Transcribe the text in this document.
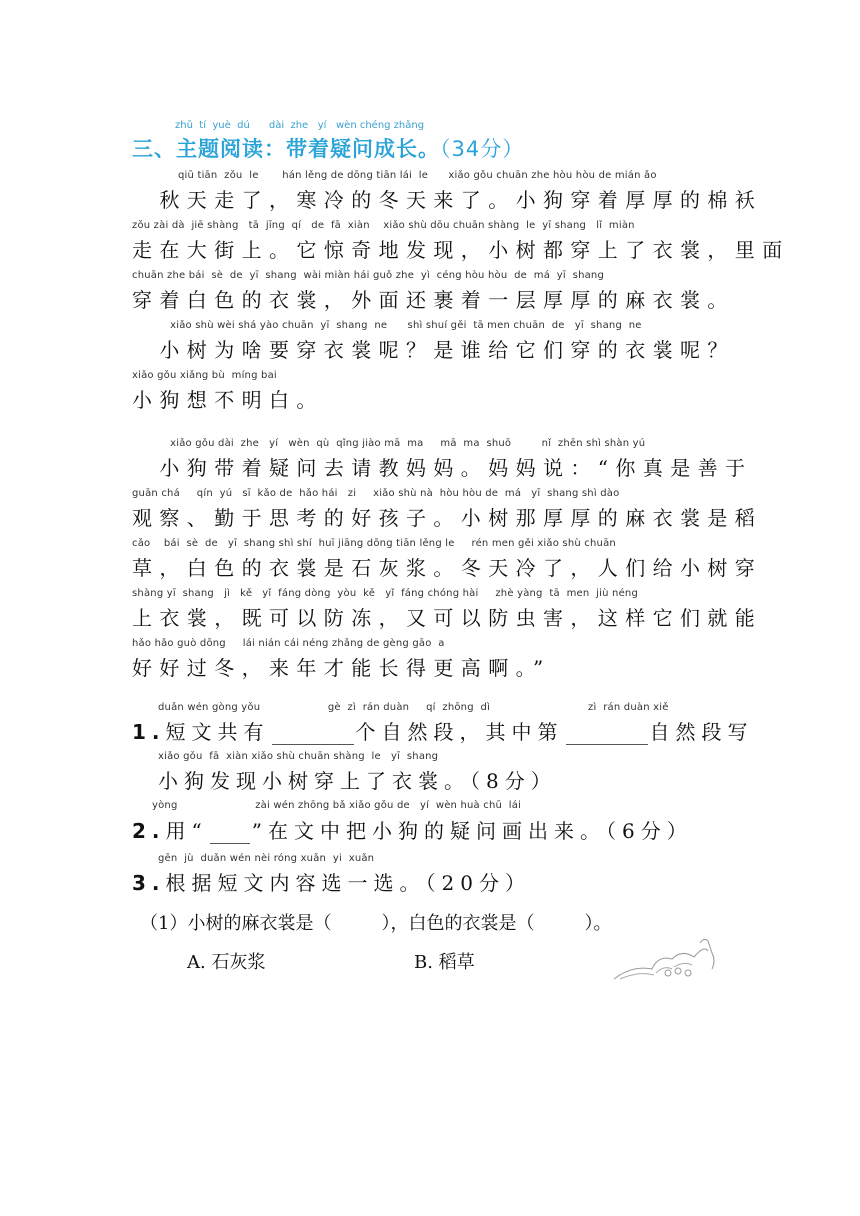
zhǔ  tí  yuè  dú      dài  zhe   yí   wèn chéng zhǎng
三、主题阅读：带着疑问成长。（34分）
qiū tiān  zǒu  le       hán lěng de dōng tiān lái  le      xiǎo gǒu chuān zhe hòu hòu de mián ǎo
　秋天走了，寒冷的冬天来了。小狗穿着厚厚的棉袄
zǒu zài dà  jiē shàng   tā  jīng  qí   de  fā  xiàn    xiǎo shù dōu chuān shàng  le  yī shang   lǐ  miàn
走在大街上。它惊奇地发现，小树都穿上了衣裳，里面
chuān zhe bái  sè  de  yī  shang  wài miàn hái guǒ zhe  yì  céng hòu hòu  de  má  yī  shang
穿着白色的衣裳，外面还裹着一层厚厚的麻衣裳。
xiǎo shù wèi shá yào chuān  yī  shang  ne      shì shuí gěi  tā men chuān  de   yī  shang  ne
　小树为啥要穿衣裳呢？是谁给它们穿的衣裳呢？
xiǎo gǒu xiǎng bù  míng bai
小狗想不明白。
xiǎo gǒu dài  zhe   yí   wèn  qù  qǐng jiào mā  ma     mā  ma  shuō         nǐ  zhēn shì shàn yú
　小狗带着疑问去请教妈妈。妈妈说：“你真是善于
guān chá     qín  yú   sī  kǎo de  hǎo hái   zi     xiǎo shù nà  hòu hòu de  má   yī  shang shì dào
观察、勤于思考的好孩子。小树那厚厚的麻衣裳是稻
cǎo    bái  sè  de   yī  shang shì shí  huī jiāng dōng tiān lěng le     rén men gěi xiǎo shù chuān
草，白色的衣裳是石灰浆。冬天冷了，人们给小树穿
shàng yī  shang   jì   kě   yǐ  fáng dòng  yòu  kě   yǐ  fáng chóng hài     zhè yàng  tā  men  jiù néng
上衣裳，既可以防冻，又可以防虫害，这样它们就能
hǎo hǎo guò dōng     lái nián cái néng zhǎng de gèng gāo  a
好好过冬，来年才能长得更高啊。”
duǎn wén gòng yǒu                    gè  zì  rán duàn     qí  zhōng  dì                             zì  rán duàn xiě
1.短文共有	个自然段，其中第	自然段写
xiǎo gǒu  fā  xiàn xiǎo shù chuān shàng  le   yī  shang
小狗发现小树穿上了衣裳。（8分）
yòng                       zài wén zhōng bǎ xiǎo gǒu de   yí  wèn huà chū  lái
2.用“ ”在文中把小狗的疑问画出来。（6分）
gēn  jù  duǎn wén nèi róng xuǎn  yi  xuǎn
3.根据短文内容选一选。（20分）
（1）小树的麻衣裳是（	），白色的衣裳是（	）。
A. 石灰浆	B. 稻草
